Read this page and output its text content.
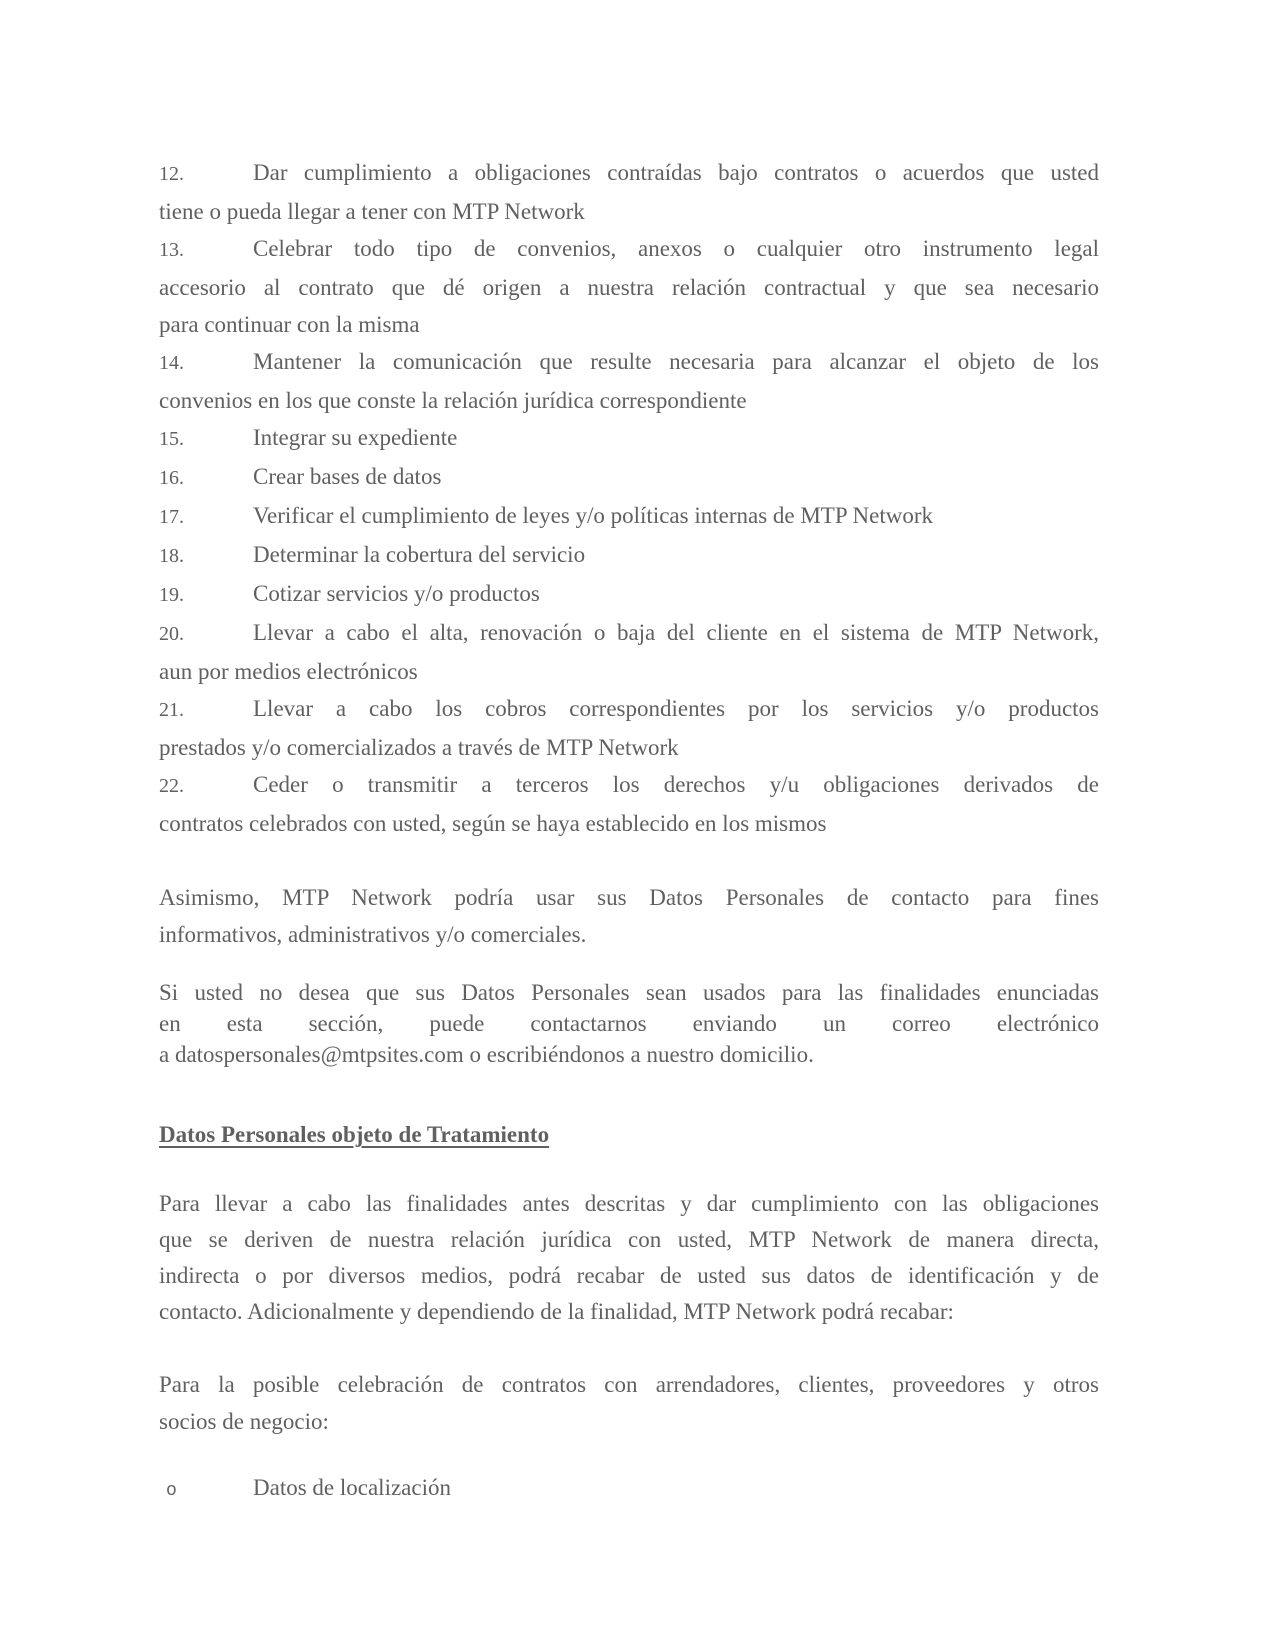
12.	Dar cumplimiento a obligaciones contraídas bajo contratos o acuerdos que usted
tiene o pueda llegar a tener con MTP Network
13.	Celebrar todo tipo de convenios, anexos o cualquier otro instrumento legal
accesorio al contrato que dé origen a nuestra relación contractual y que sea necesario
para continuar con la misma
14.	Mantener la comunicación que resulte necesaria para alcanzar el objeto de los
convenios en los que conste la relación jurídica correspondiente
15.	Integrar su expediente
16.	Crear bases de datos
17.	Verificar el cumplimiento de leyes y/o políticas internas de MTP Network
18.	Determinar la cobertura del servicio
19.	Cotizar servicios y/o productos
20.	Llevar a cabo el alta, renovación o baja del cliente en el sistema de MTP Network,
aun por medios electrónicos
21.	Llevar a cabo los cobros correspondientes por los servicios y/o productos
prestados y/o comercializados a través de MTP Network
22.	Ceder o transmitir a terceros los derechos y/u obligaciones derivados de
contratos celebrados con usted, según se haya establecido en los mismos
Asimismo, MTP Network podría usar sus Datos Personales de contacto para fines
informativos, administrativos y/o comerciales.
Si usted no desea que sus Datos Personales sean usados para las finalidades enunciadas
en esta sección, puede contactarnos enviando un correo electrónico
a datospersonales@mtpsites.com o escribiéndonos a nuestro domicilio.
Datos Personales objeto de Tratamiento
Para llevar a cabo las finalidades antes descritas y dar cumplimiento con las obligaciones
que se deriven de nuestra relación jurídica con usted, MTP Network de manera directa,
indirecta o por diversos medios, podrá recabar de usted sus datos de identificación y de
contacto. Adicionalmente y dependiendo de la finalidad, MTP Network podrá recabar:
Para la posible celebración de contratos con arrendadores, clientes, proveedores y otros
socios de negocio:
o	Datos de localización
